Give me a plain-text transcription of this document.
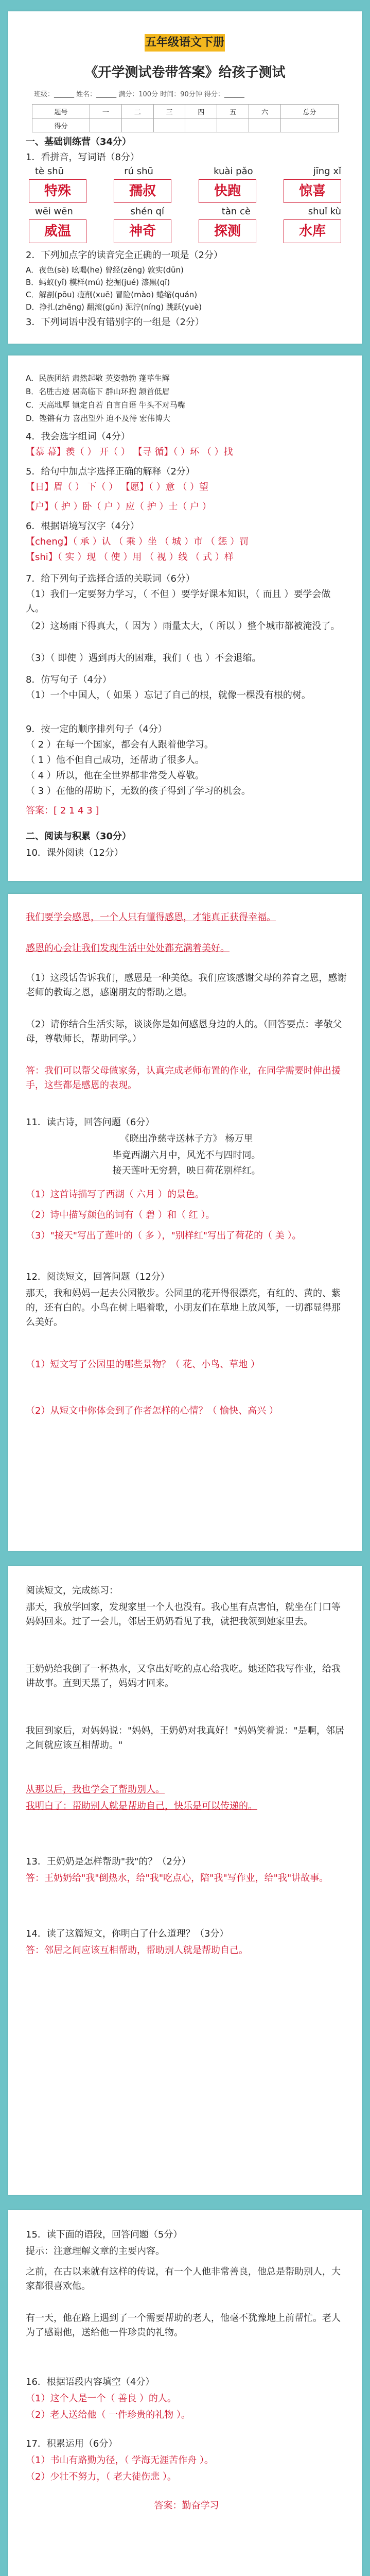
五年级语文下册
《开学测试卷带答案》给孩子测试
班级：______ 姓名：______ 满分：100分 时间：90分钟 得分：______
题号	一	二	三	四	五	六	总分
得分							

一、基础训练营（34分）

1．看拼音，写词语（8分）

tè shū	rú shū	kuài pǎo	jīng xǐ
特殊	孺叔	快跑	惊喜
wēi wēn	shén qí	tàn cè	shuǐ kù
威温	神奇	探测	水库

2．下列加点字的读音完全正确的一项是（2分）

A．夜色(sè) 吆喝(he) 曾经(zēng) 敦实(dūn)

B．蚂蚁(yǐ) 模样(mú) 挖掘(jué) 漆黑(qī)

C．解剖(pōu) 瘦削(xuē) 冒险(mào) 蜷缩(quán)

D．挣扎(zhēng) 翻滚(gǔn) 泥泞(níng) 跳跃(yuè)

3．下列词语中没有错别字的一组是（2分）

A．民族团结 肃然起敬 英姿勃勃 蓬荜生辉

B．名胜古迹 居高临下 群山环抱 颔首低眉

C．天高地厚 镇定自若 自言自语 牛头不对马嘴

D．铿锵有力 喜出望外 迫不及待 宏伟博大

4．我会选字组词（4分）

【慕 幕】羡（ ） 开（ ） 【寻 循】（ ）环 （ ）找

5．给句中加点字选择正确的解释（2分）

【日】眉（ ） 下（ ） 【愿】（ ）意 （ ）望

【户】（ 护 ）卧（ 户 ）应（ 护 ）士（ 户 ）

6．根据语境写汉字（4分）

【cheng】（ 承 ）认 （ 乘 ）坐 （ 城 ）市 （ 惩 ）罚

【shi】（ 实 ）现 （ 使 ）用 （ 视 ）线 （ 式 ）样

7．给下列句子选择合适的关联词（6分）

（1）我们一定要努力学习，（ 不但 ）要学好课本知识，（ 而且 ）要学会做人。

（2）这场雨下得真大，（ 因为 ）雨量太大，（ 所以 ）整个城市都被淹没了。

（3）（ 即使 ）遇到再大的困难，我们（ 也 ）不会退缩。

8．仿写句子（4分）

（1）一个中国人，（ 如果 ）忘记了自己的根，就像一棵没有根的树。

9．按一定的顺序排列句子（4分）

（ 2 ）在每一个国家，都会有人跟着他学习。

（ 1 ）他不但自己成功，还帮助了很多人。

（ 4 ）所以，他在全世界都非常受人尊敬。

（ 3 ）在他的帮助下，无数的孩子得到了学习的机会。

答案：[ 2 1 4 3 ]

二、阅读与积累（30分）

10．课外阅读（12分）

我们要学会感恩，一个人只有懂得感恩，才能真正获得幸福。

感恩的心会让我们发现生活中处处都充满着美好。

（1）这段话告诉我们，感恩是一种美德。我们应该感谢父母的养育之恩，感谢老师的教诲之恩，感谢朋友的帮助之恩。

（2）请你结合生活实际，谈谈你是如何感恩身边的人的。（回答要点：孝敬父母，尊敬师长，帮助同学。）

答：我们可以帮父母做家务，认真完成老师布置的作业，在同学需要时伸出援手，这些都是感恩的表现。

11．读古诗，回答问题（6分）

《晓出净慈寺送林子方》 杨万里

毕竟西湖六月中，风光不与四时同。

接天莲叶无穷碧，映日荷花别样红。

（1）这首诗描写了西湖（ 六月 ）的景色。

（2）诗中描写颜色的词有（ 碧 ）和（ 红 ）。

（3）"接天"写出了莲叶的（ 多 ），"别样红"写出了荷花的（ 美 ）。

12．阅读短文，回答问题（12分）

那天，我和妈妈一起去公园散步。公园里的花开得很漂亮，有红的、黄的、紫的，还有白的。小鸟在树上唱着歌，小朋友们在草地上放风筝，一切都显得那么美好。

（1）短文写了公园里的哪些景物？（ 花、小鸟、草地 ）

（2）从短文中你体会到了作者怎样的心情？（ 愉快、高兴 ）

阅读短文，完成练习：

那天，我放学回家，发现家里一个人也没有。我心里有点害怕，就坐在门口等妈妈回来。过了一会儿，邻居王奶奶看见了我，就把我领到她家里去。

王奶奶给我倒了一杯热水，又拿出好吃的点心给我吃。她还陪我写作业，给我讲故事。直到天黑了，妈妈才回来。

我回到家后，对妈妈说："妈妈，王奶奶对我真好！"妈妈笑着说："是啊，邻居之间就应该互相帮助。"

从那以后，我也学会了帮助别人。

我明白了：帮助别人就是帮助自己，快乐是可以传递的。

13．王奶奶是怎样帮助"我"的？（2分）

答：王奶奶给"我"倒热水，给"我"吃点心，陪"我"写作业，给"我"讲故事。

14．读了这篇短文，你明白了什么道理？（3分）

答：邻居之间应该互相帮助，帮助别人就是帮助自己。

15．读下面的语段，回答问题（5分）

提示：注意理解文章的主要内容。

之前，在古以来就有这样的传说，有一个人他非常善良，他总是帮助别人，大家都很喜欢他。

有一天，他在路上遇到了一个需要帮助的老人，他毫不犹豫地上前帮忙。老人为了感谢他，送给他一件珍贵的礼物。

16．根据语段内容填空（4分）

（1）这个人是一个（ 善良 ）的人。

（2）老人送给他（ 一件珍贵的礼物 ）。

17．积累运用（6分）

（1）书山有路勤为径，（ 学海无涯苦作舟 ）。

（2）少壮不努力，（ 老大徒伤悲 ）。

答案：勤奋学习
